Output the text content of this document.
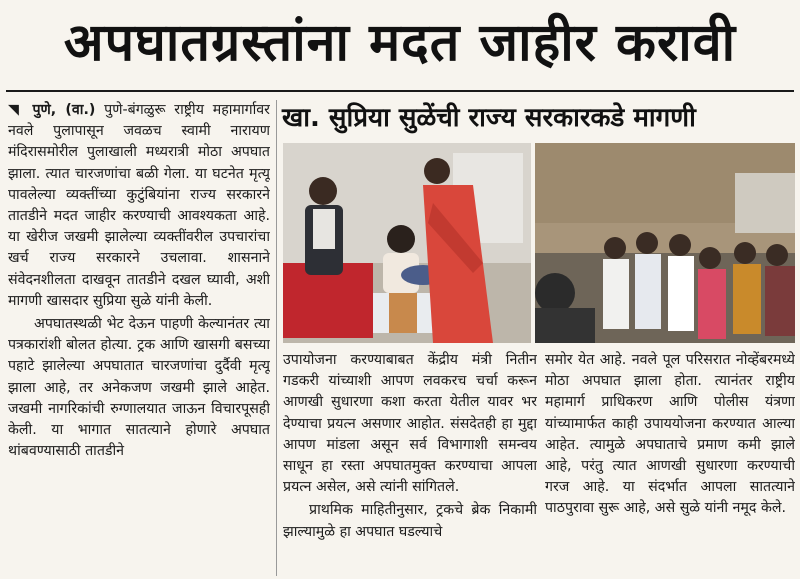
अपघातग्रस्तांना मदत जाहीर करावी

◥ पुणे, (वा.) पुणे-बंगळुरू राष्ट्रीय महामार्गावर नवले पुलापासून जवळच स्वामी नारायण मंदिरासमोरील पुलाखाली मध्यरात्री मोठा अपघात झाला. त्यात चारजणांचा बळी गेला. या घटनेत मृत्यू पावलेल्या व्यक्तींच्या कुटुंबियांना राज्य सरकारने तातडीने मदत जाहीर करण्याची आवश्यकता आहे. या खेरीज जखमी झालेल्या व्यक्तींवरील उपचारांचा खर्च राज्य सरकारने उचलावा. शासनाने संवेदनशीलता दाखवून तातडीने दखल घ्यावी, अशी मागणी खासदार सुप्रिया सुळे यांनी केली.

अपघातस्थळी भेट देऊन पाहणी केल्यानंतर त्या पत्रकारांशी बोलत होत्या. ट्रक आणि खासगी बसच्या पहाटे झालेल्या अपघातात चारजणांचा दुर्दैवी मृत्यू झाला आहे, तर अनेकजण जखमी झाले आहेत. जखमी नागरिकांची रुग्णालयात जाऊन विचारपूसही केली. या भागात सातत्याने होणारे अपघात थांबवण्यासाठी तातडीने

खा. सुप्रिया सुळेंची राज्य सरकारकडे मागणी

उपायोजना करण्याबाबत केंद्रीय मंत्री नितीन गडकरी यांच्याशी आपण लवकरच चर्चा करून आणखी सुधारणा कशा करता येतील यावर भर देण्याचा प्रयत्न असणार आहोत. संसदेतही हा मुद्दा आपण मांडला असून सर्व विभागाशी समन्वय साधून हा रस्ता अपघातमुक्त करण्याचा आपला प्रयत्न असेल, असे त्यांनी सांगितले.

प्राथमिक माहितीनुसार, ट्रकचे ब्रेक निकामी झाल्यामुळे हा अपघात घडल्याचे

समोर येत आहे. नवले पूल परिसरात नोव्हेंबरमध्ये मोठा अपघात झाला होता. त्यानंतर राष्ट्रीय महामार्ग प्राधिकरण आणि पोलीस यंत्रणा यांच्यामार्फत काही उपाययोजना करण्यात आल्या आहेत. त्यामुळे अपघाताचे प्रमाण कमी झाले आहे, परंतु त्यात आणखी सुधारणा करण्याची गरज आहे. या संदर्भात आपला सातत्याने पाठपुरावा सुरू आहे, असे सुळे यांनी नमूद केले.
